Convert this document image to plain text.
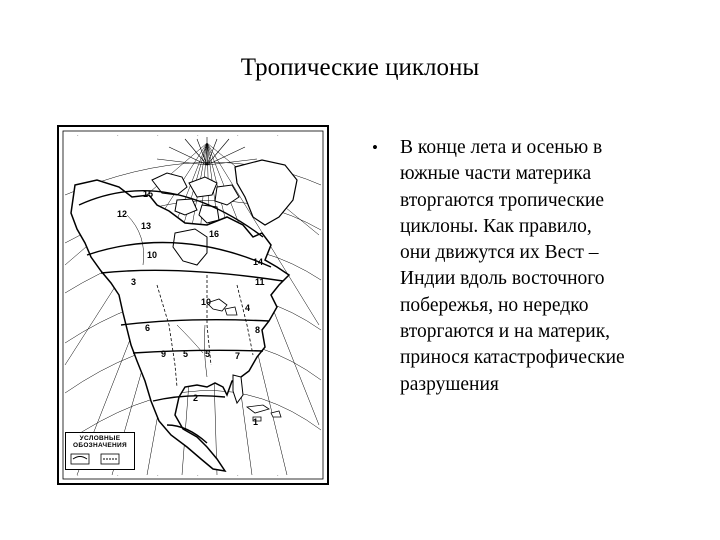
Тропические циклоны
15
12
13
16
10
14
11
10
6
5 5	7
8
9
2
1
3
4
·	·	·	·	·	·
·	·	·	·	·	·
УСЛОВНЫЕ
ОБОЗНАЧЕНИЯ
• В конце лета и осенью в
южные части материка
вторгаются тропические
циклоны. Как правило,
они движутся их Вест –
Индии вдоль восточного
побережья, но нередко
вторгаются и на материк,
принося катастрофические
разрушения
